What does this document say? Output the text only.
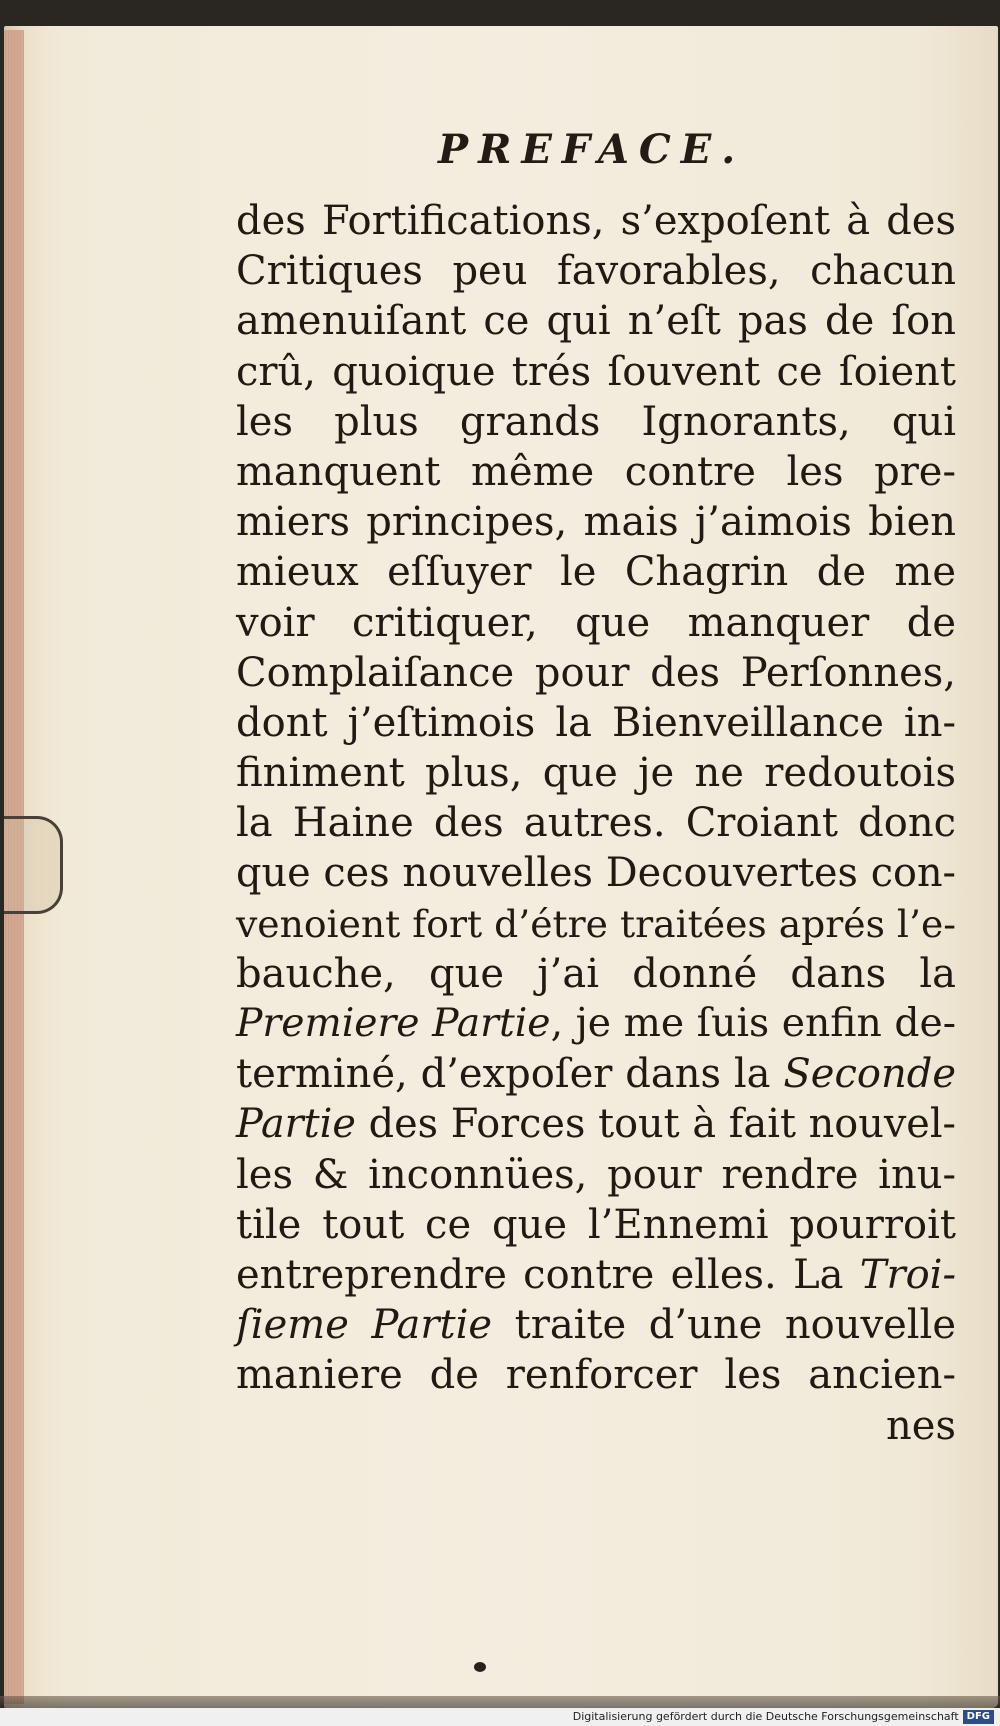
PREFACE.
des Fortifications, s’expoſent à des
Critiques peu favorables, chacun
amenuiſant ce qui n’eſt pas de ſon
crû, quoique trés ſouvent ce ſoient
les plus grands Ignorants, qui
manquent même contre les pre-
miers principes, mais j’aimois bien
mieux eſſuyer le Chagrin de me
voir critiquer, que manquer de
Complaiſance pour des Perſonnes,
dont j’eſtimois la Bienveillance in-
finiment plus, que je ne redoutois
la Haine des autres. Croiant donc
que ces nouvelles Decouvertes con-
venoient fort d’étre traitées aprés l’e-
bauche, que j’ai donné dans la
Premiere Partie, je me ſuis enfin de-
terminé, d’expoſer dans la Seconde
Partie des Forces tout à fait nouvel-
les & inconnües, pour rendre inu-
tile tout ce que l’Ennemi pourroit
entreprendre contre elles. La Troi-
ſieme Partie traite d’une nouvelle
maniere de renforcer les ancien-
nes
Digitalisierung gefördert durch die Deutsche Forschungsgemeinschaft DFG
